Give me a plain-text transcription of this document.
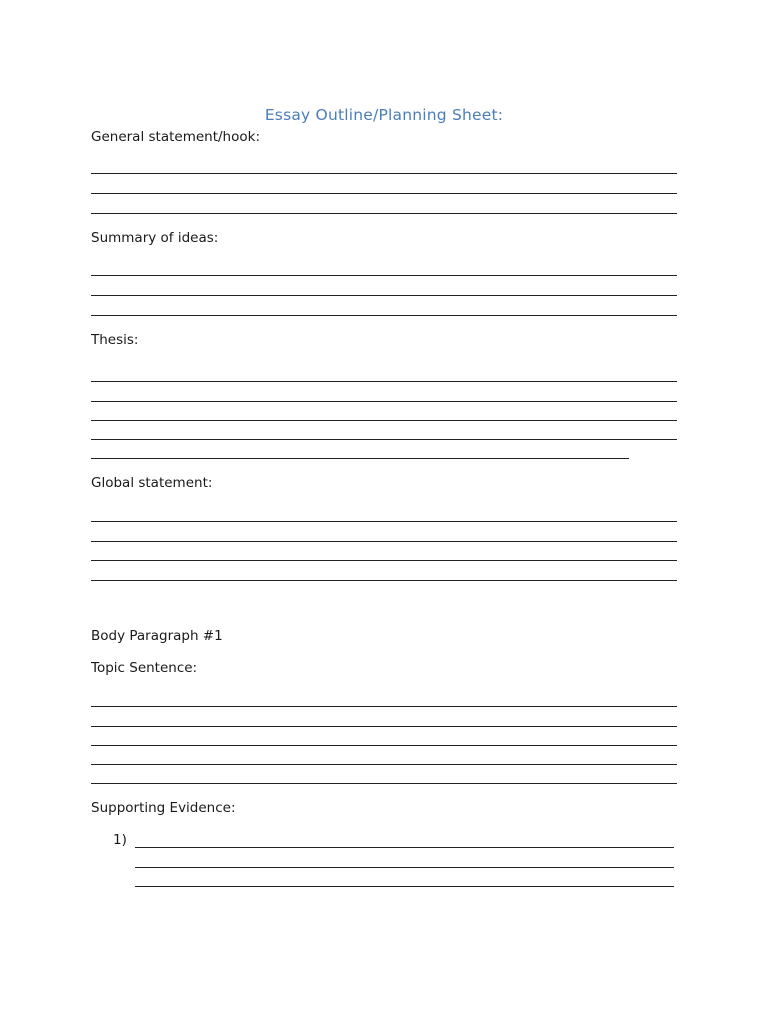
Essay Outline/Planning Sheet:
General statement/hook:
Summary of ideas:
Thesis:
Global statement:
Body Paragraph #1
Topic Sentence:
Supporting Evidence:
1)
